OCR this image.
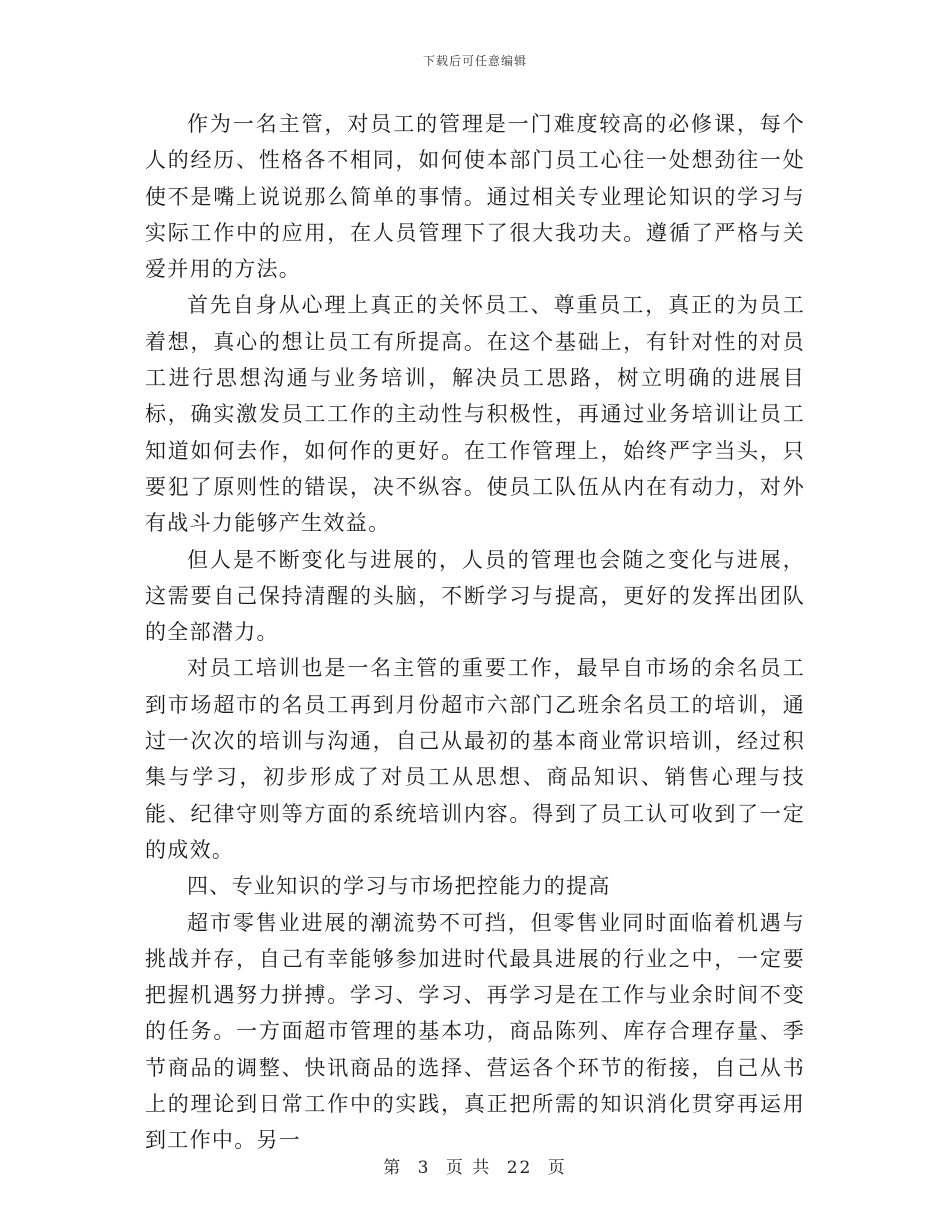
下载后可任意编辑

作为一名主管，对员工的管理是一门难度较高的必修课，每个人的经历、性格各不相同，如何使本部门员工心往一处想劲往一处使不是嘴上说说那么简单的事情。通过相关专业理论知识的学习与实际工作中的应用，在人员管理下了很大我功夫。遵循了严格与关爱并用的方法。

首先自身从心理上真正的关怀员工、尊重员工，真正的为员工着想，真心的想让员工有所提高。在这个基础上，有针对性的对员工进行思想沟通与业务培训，解决员工思路，树立明确的进展目标，确实激发员工工作的主动性与积极性，再通过业务培训让员工知道如何去作，如何作的更好。在工作管理上，始终严字当头，只要犯了原则性的错误，决不纵容。使员工队伍从内在有动力，对外有战斗力能够产生效益。

但人是不断变化与进展的，人员的管理也会随之变化与进展，这需要自己保持清醒的头脑，不断学习与提高，更好的发挥出团队的全部潜力。

对员工培训也是一名主管的重要工作，最早自市场的余名员工到市场超市的名员工再到月份超市六部门乙班余名员工的培训，通过一次次的培训与沟通，自己从最初的基本商业常识培训，经过积集与学习，初步形成了对员工从思想、商品知识、销售心理与技能、纪律守则等方面的系统培训内容。得到了员工认可收到了一定的成效。

四、专业知识的学习与市场把控能力的提高

超市零售业进展的潮流势不可挡，但零售业同时面临着机遇与挑战并存，自己有幸能够参加进时代最具进展的行业之中，一定要把握机遇努力拼搏。学习、学习、再学习是在工作与业余时间不变的任务。一方面超市管理的基本功，商品陈列、库存合理存量、季节商品的调整、快讯商品的选择、营运各个环节的衔接，自己从书上的理论到日常工作中的实践，真正把所需的知识消化贯穿再运用到工作中。另一

第 3 页 共 22 页
